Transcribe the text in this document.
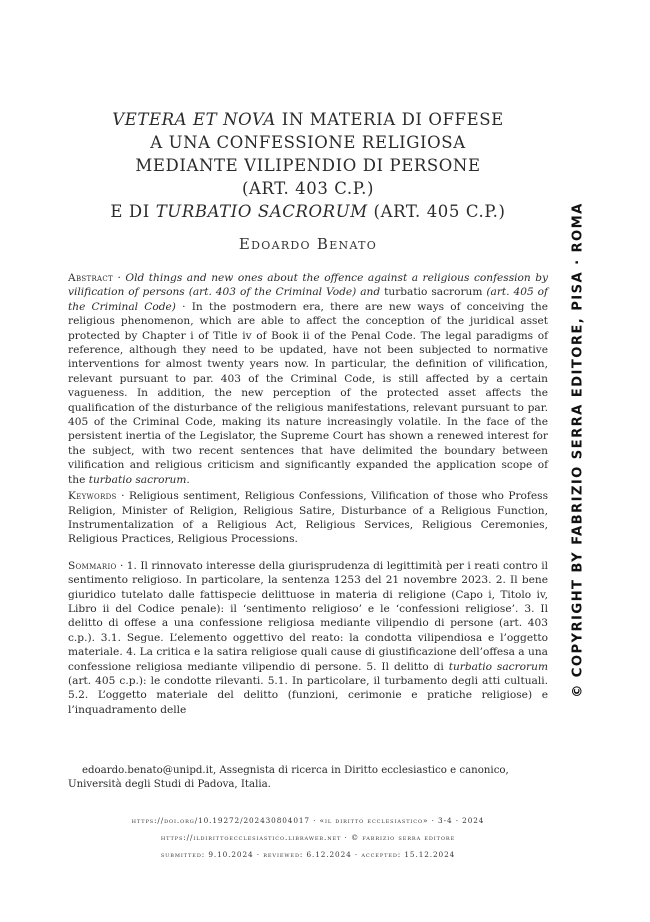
VETERA ET NOVA IN MATERIA DI OFFESE
A UNA CONFESSIONE RELIGIOSA
MEDIANTE VILIPENDIO DI PERSONE
(ART. 403 C.P.)
E DI TURBATIO SACRORUM (ART. 405 C.P.)
Edoardo Benato
Abstract · Old things and new ones about the offence against a religious confession by vilification of persons (art. 403 of the Criminal Vode) and turbatio sacrorum (art. 405 of the Criminal Code) · In the postmodern era, there are new ways of conceiving the religious phenomenon, which are able to affect the conception of the juridical asset protected by Chapter i of Title iv of Book ii of the Penal Code. The legal paradigms of reference, although they need to be updated, have not been subjected to normative interventions for almost twenty years now. In particular, the definition of vilification, relevant pursuant to par. 403 of the Criminal Code, is still affected by a certain vagueness. In addition, the new perception of the protected asset affects the qualification of the disturbance of the religious manifestations, relevant pursuant to par. 405 of the Criminal Code, making its nature increasingly volatile. In the face of the persistent inertia of the Legislator, the Supreme Court has shown a renewed interest for the subject, with two recent sentences that have delimited the boundary between vilification and religious criticism and significantly expanded the application scope of the turbatio sacrorum.
Keywords · Religious sentiment, Religious Confessions, Vilification of those who Profess Religion, Minister of Religion, Religious Satire, Disturbance of a Religious Function, Instrumentalization of a Religious Act, Religious Services, Religious Ceremonies, Religious Practices, Religious Processions.
Sommario · 1. Il rinnovato interesse della giurisprudenza di legittimità per i reati contro il sentimento religioso. In particolare, la sentenza 1253 del 21 novembre 2023. 2. Il bene giuridico tutelato dalle fattispecie delittuose in materia di religione (Capo i, Titolo iv, Libro ii del Codice penale): il ‘sentimento religioso’ e le ‘confessioni religiose’. 3. Il delitto di offese a una confessione religiosa mediante vilipendio di persone (art. 403 c.p.). 3.1. Segue. L’elemento oggettivo del reato: la condotta vilipendiosa e l’oggetto materiale. 4. La critica e la satira religiose quali cause di giustificazione dell’offesa a una confessione religiosa mediante vilipendio di persone. 5. Il delitto di turbatio sacrorum (art. 405 c.p.): le condotte rilevanti. 5.1. In particolare, il turbamento degli atti cultuali. 5.2. L’oggetto materiale del delitto (funzioni, cerimonie e pratiche religiose) e l’inquadramento delle
edoardo.benato@unipd.it, Assegnista di ricerca in Diritto ecclesiastico e canonico, Università degli Studi di Padova, Italia.
https://doi.org/10.19272/202430804017 · «il diritto ecclesiastico» · 3-4 · 2024
https://ildirittoecclesiastico.libraweb.net · © fabrizio serra editore
submitted: 9.10.2024 · reviewed: 6.12.2024 · accepted: 15.12.2024
© COPYRIGHT BY FABRIZIO SERRA EDITORE, PISA · ROMA
